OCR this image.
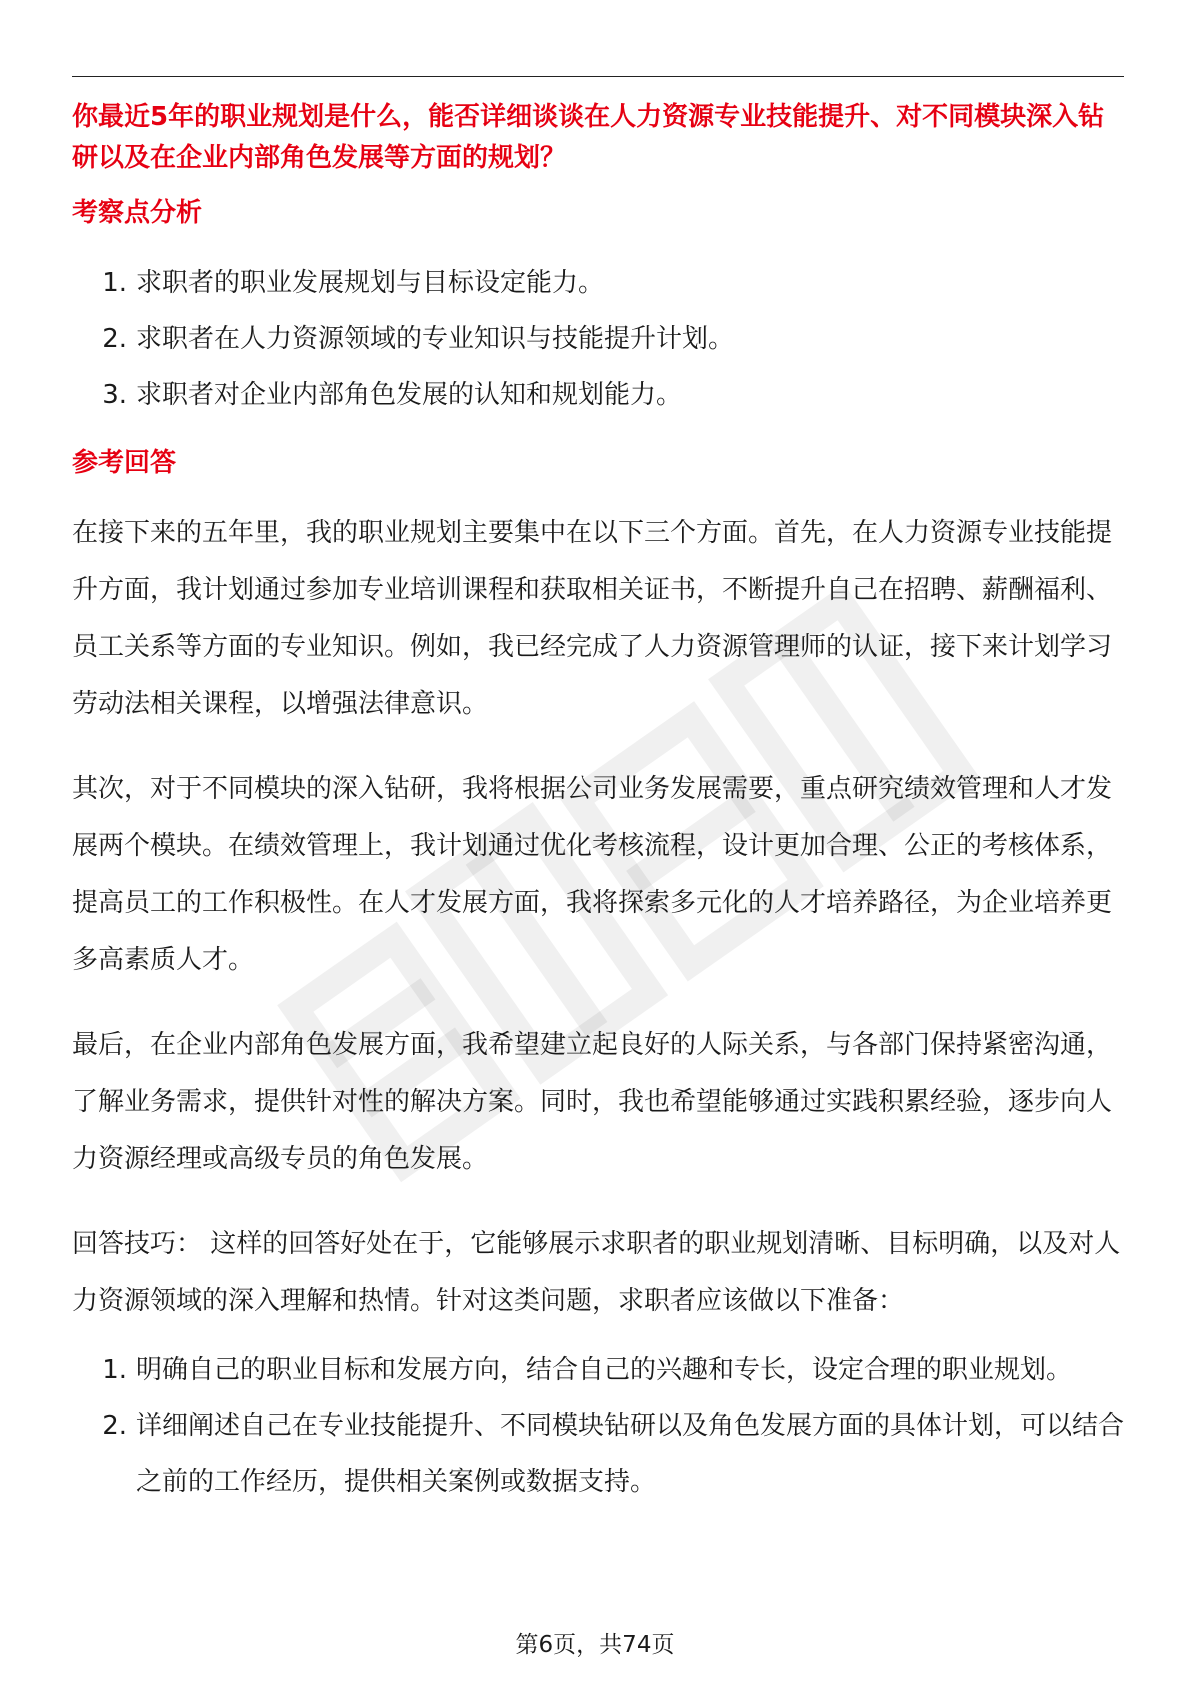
你最近5年的职业规划是什么，能否详细谈谈在人力资源专业技能提升、对不同模块深入钻研以及在企业内部角色发展等方面的规划？
考察点分析
1. 求职者的职业发展规划与目标设定能力。
2. 求职者在人力资源领域的专业知识与技能提升计划。
3. 求职者对企业内部角色发展的认知和规划能力。
参考回答

在接下来的五年里，我的职业规划主要集中在以下三个方面。首先，在人力资源专业技能提升方面，我计划通过参加专业培训课程和获取相关证书，不断提升自己在招聘、薪酬福利、员工关系等方面的专业知识。例如，我已经完成了人力资源管理师的认证，接下来计划学习劳动法相关课程，以增强法律意识。

其次，对于不同模块的深入钻研，我将根据公司业务发展需要，重点研究绩效管理和人才发展两个模块。在绩效管理上，我计划通过优化考核流程，设计更加合理、公正的考核体系，提高员工的工作积极性。在人才发展方面，我将探索多元化的人才培养路径，为企业培养更多高素质人才。

最后，在企业内部角色发展方面，我希望建立起良好的人际关系，与各部门保持紧密沟通，了解业务需求，提供针对性的解决方案。同时，我也希望能够通过实践积累经验，逐步向人力资源经理或高级专员的角色发展。

回答技巧： 这样的回答好处在于，它能够展示求职者的职业规划清晰、目标明确，以及对人力资源领域的深入理解和热情。针对这类问题，求职者应该做以下准备：

1. 明确自己的职业目标和发展方向，结合自己的兴趣和专长，设定合理的职业规划。
2. 详细阐述自己在专业技能提升、不同模块钻研以及角色发展方面的具体计划，可以结合之前的工作经历，提供相关案例或数据支持。
第6页，共74页
